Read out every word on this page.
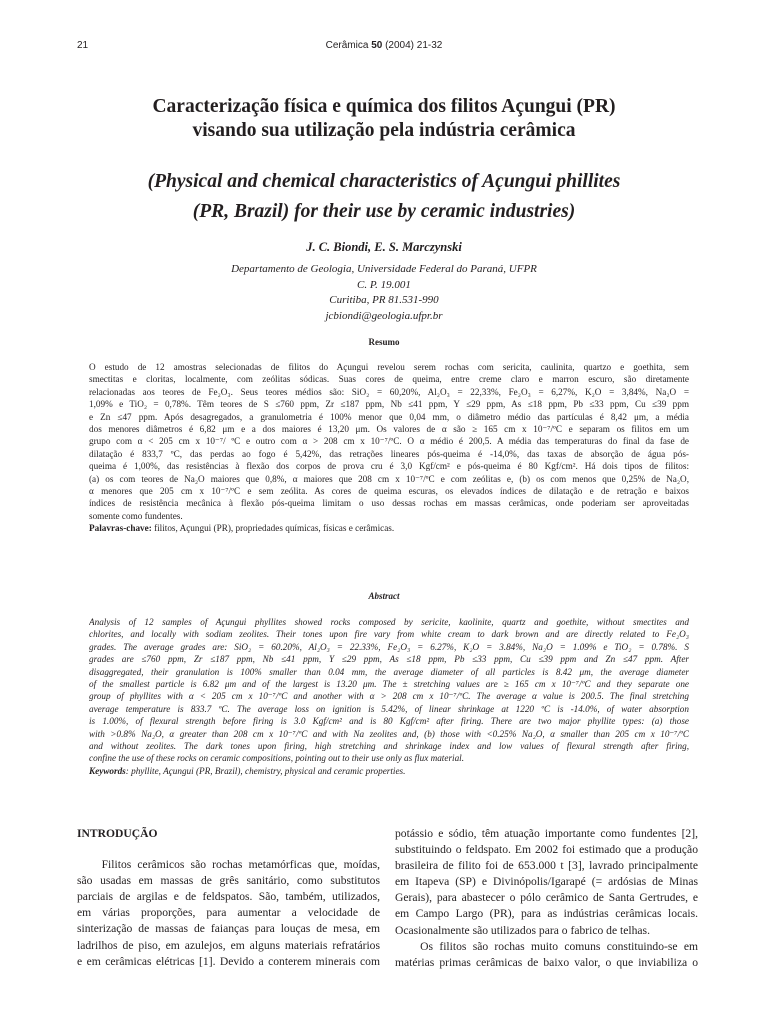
21	Cerâmica 50 (2004) 21-32
Caracterização física e química dos filitos Açungui (PR)
visando sua utilização pela indústria cerâmica
(Physical and chemical characteristics of Açungui phillites
(PR, Brazil) for their use by ceramic industries)
J. C. Biondi, E. S. Marczynski
Departamento de Geologia, Universidade Federal do Paraná, UFPR
C. P. 19.001
Curitiba, PR 81.531-990
jcbiondi@geologia.ufpr.br
Resumo
O estudo de 12 amostras selecionadas de filitos do Açungui revelou serem rochas com sericita, caulinita, quartzo e goethita, sem
smectitas e cloritas, localmente, com zeólitas sódicas. Suas cores de queima, entre creme claro e marron escuro, são diretamente
relacionadas aos teores de Fe₂O₃. Seus teores médios são: SiO₂ = 60,20%, Al₂O₃ = 22,33%, Fe₂O₃ = 6,27%, K₂O = 3,84%, Na₂O =
1,09% e TiO₂ = 0,78%. Têm teores de S ≤760 ppm, Zr ≤187 ppm, Nb ≤41 ppm, Y ≤29 ppm, As ≤18 ppm, Pb ≤33 ppm, Cu ≤39 ppm
e Zn ≤47 ppm. Após desagregados, a granulometria é 100% menor que 0,04 mm, o diâmetro médio das partículas é 8,42 μm, a média
dos menores diâmetros é 6,82 μm e a dos maiores é 13,20 μm. Os valores de α são ≥ 165 cm x 10⁻⁷/ºC e separam os filitos em um
grupo com α < 205 cm x 10⁻⁷/ ºC e outro com α > 208 cm x 10⁻⁷/ºC. O α médio é 200,5. A média das temperaturas do final da fase de
dilatação é 833,7 ºC, das perdas ao fogo é 5,42%, das retrações lineares pós-queima é -14,0%, das taxas de absorção de água pós-
queima é 1,00%, das resistências à flexão dos corpos de prova cru é 3,0 Kgf/cm² e pós-queima é 80 Kgf/cm². Há dois tipos de filitos:
(a) os com teores de Na₂O maiores que 0,8%, α maiores que 208 cm x 10⁻⁷/ºC e com zeólitas e, (b) os com menos que 0,25% de Na₂O,
α menores que 205 cm x 10⁻⁷/ºC e sem zeólita. As cores de queima escuras, os elevados índices de dilatação e de retração e baixos
índices de resistência mecânica à flexão pós-queima limitam o uso dessas rochas em massas cerâmicas, onde poderiam ser aproveitadas
somente como fundentes.
Palavras-chave: filitos, Açungui (PR), propriedades químicas, físicas e cerâmicas.
Abstract
Analysis of 12 samples of Açungui phyllites showed rocks composed by sericite, kaolinite, quartz and goethite, without smectites and
chlorites, and locally with sodiam zeolites. Their tones upon fire vary from white cream to dark brown and are directly related to Fe₂O₃
grades. The average grades are: SiO₂ = 60.20%, Al₂O₃ = 22.33%, Fe₂O₃ = 6.27%, K₂O = 3.84%, Na₂O = 1.09% e TiO₂ = 0.78%. S
grades are ≤760 ppm, Zr ≤187 ppm, Nb ≤41 ppm, Y ≤29 ppm, As ≤18 ppm, Pb ≤33 ppm, Cu ≤39 ppm and Zn ≤47 ppm. After
disaggregated, their granulation is 100% smaller than 0.04 mm, the average diameter of all particles is 8.42 μm, the average diameter
of the smallest particle is 6.82 μm and of the largest is 13.20 μm. The ± stretching values are ≥ 165 cm x 10⁻⁷/ºC and they separate one
group of phyllites with α < 205 cm x 10⁻⁷/ºC and another with α > 208 cm x 10⁻⁷/ºC. The average α value is 200.5. The final stretching
average temperature is 833.7 ºC. The average loss on ignition is 5.42%, of linear shrinkage at 1220 ºC is -14.0%, of water absorption
is 1.00%, of flexural strength before firing is 3.0 Kgf/cm² and is 80 Kgf/cm² after firing. There are two major phyllite types: (a) those
with >0.8% Na₂O, α greater than 208 cm x 10⁻⁷/ºC and with Na zeolites and, (b) those with <0.25% Na₂O, α smaller than 205 cm x 10⁻⁷/ºC
and without zeolites. The dark tones upon firing, high stretching and shrinkage index and low values of flexural strength after firing,
confine the use of these rocks on ceramic compositions, pointing out to their use only as flux material.
Keywords: phyllite, Açungui (PR, Brazil), chemistry, physical and ceramic properties.
INTRODUÇÃO
Filitos cerâmicos são rochas metamórficas que, moídas,
são usadas em massas de grês sanitário, como substitutos
parciais de argilas e de feldspatos. São, também, utilizados,
em várias proporções, para aumentar a velocidade de
sinterização de massas de faianças para louças de mesa, em
ladrilhos de piso, em azulejos, em alguns materiais refratários
e em cerâmicas elétricas [1]. Devido a conterem minerais com
potássio e sódio, têm atuação importante como fundentes [2],
substituindo o feldspato. Em 2002 foi estimado que a produção
brasileira de filito foi de 653.000 t [3], lavrado principalmente
em Itapeva (SP) e Divinópolis/Igarapé (= ardósias de Minas
Gerais), para abastecer o pólo cerâmico de Santa Gertrudes, e
em Campo Largo (PR), para as indústrias cerâmicas locais.
Ocasionalmente são utilizados para o fabrico de telhas.
Os filitos são rochas muito comuns constituindo-se em
matérias primas cerâmicas de baixo valor, o que inviabiliza o
